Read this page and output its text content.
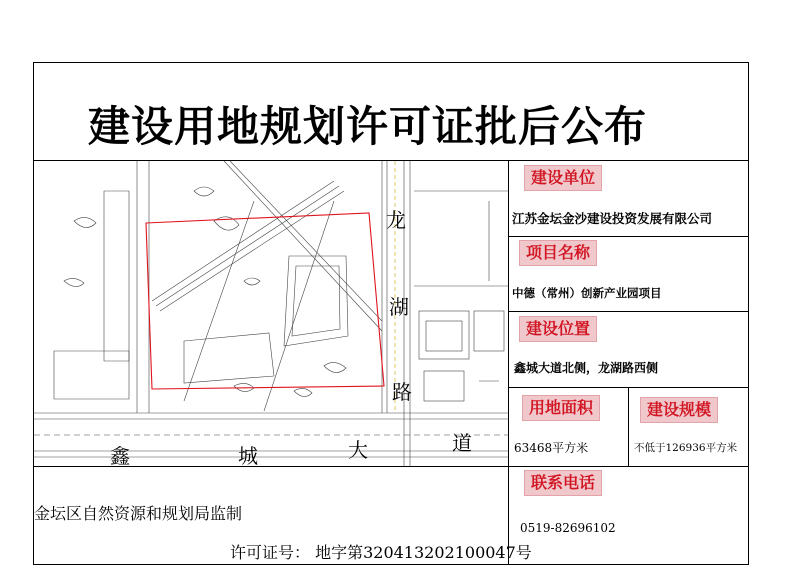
建设用地规划许可证批后公布
鑫	城	大	道
龙
湖
路
建设单位
江苏金坛金沙建设投资发展有限公司
项目名称
中德（常州）创新产业园项目
建设位置
鑫城大道北侧，龙湖路西侧
用地面积	建设规模
63468平方米	不低于126936平方米
联系电话
0519-82696102
金坛区自然资源和规划局监制
许可证号： 地字第320413202100047号
